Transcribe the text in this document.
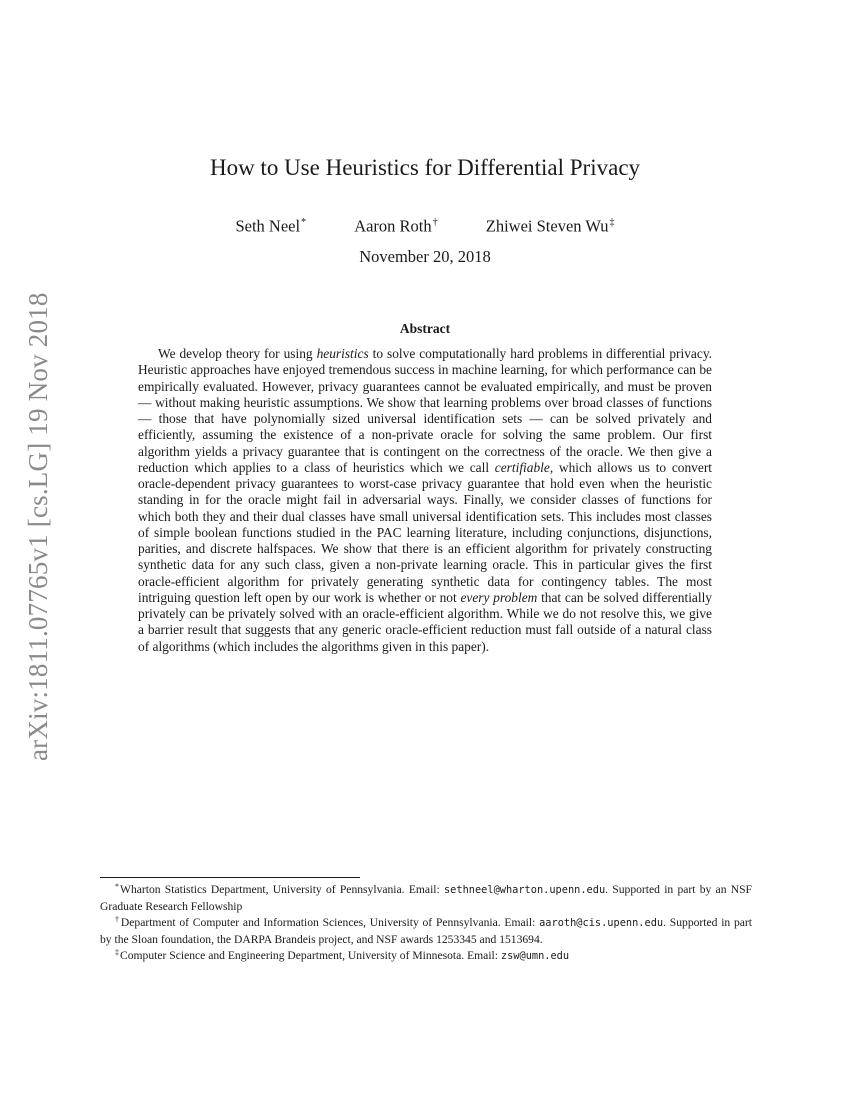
arXiv:1811.07765v1 [cs.LG] 19 Nov 2018
How to Use Heuristics for Differential Privacy
Seth Neel*	Aaron Roth†	Zhiwei Steven Wu‡
November 20, 2018
Abstract

We develop theory for using heuristics to solve computationally hard problems in differential privacy. Heuristic approaches have enjoyed tremendous success in machine learning, for which performance can be empirically evaluated. However, privacy guarantees cannot be evaluated empirically, and must be proven — without making heuristic assumptions. We show that learning problems over broad classes of functions — those that have polynomially sized universal identification sets — can be solved privately and efficiently, assuming the existence of a non-private oracle for solving the same problem. Our first algorithm yields a privacy guarantee that is contingent on the correctness of the oracle. We then give a reduction which applies to a class of heuristics which we call certifiable, which allows us to convert oracle-dependent privacy guarantees to worst-case privacy guarantee that hold even when the heuristic standing in for the oracle might fail in adversarial ways. Finally, we consider classes of functions for which both they and their dual classes have small universal identification sets. This includes most classes of simple boolean functions studied in the PAC learning literature, including conjunctions, disjunctions, parities, and discrete halfspaces. We show that there is an efficient algorithm for privately constructing synthetic data for any such class, given a non-private learning oracle. This in particular gives the first oracle-efficient algorithm for privately generating synthetic data for contingency tables. The most intriguing question left open by our work is whether or not every problem that can be solved differentially privately can be privately solved with an oracle-efficient algorithm. While we do not resolve this, we give a barrier result that suggests that any generic oracle-efficient reduction must fall outside of a natural class of algorithms (which includes the algorithms given in this paper).

*Wharton Statistics Department, University of Pennsylvania. Email: sethneel@wharton.upenn.edu. Supported in part by an NSF Graduate Research Fellowship

†Department of Computer and Information Sciences, University of Pennsylvania. Email: aaroth@cis.upenn.edu. Supported in part by the Sloan foundation, the DARPA Brandeis project, and NSF awards 1253345 and 1513694.

‡Computer Science and Engineering Department, University of Minnesota. Email: zsw@umn.edu
